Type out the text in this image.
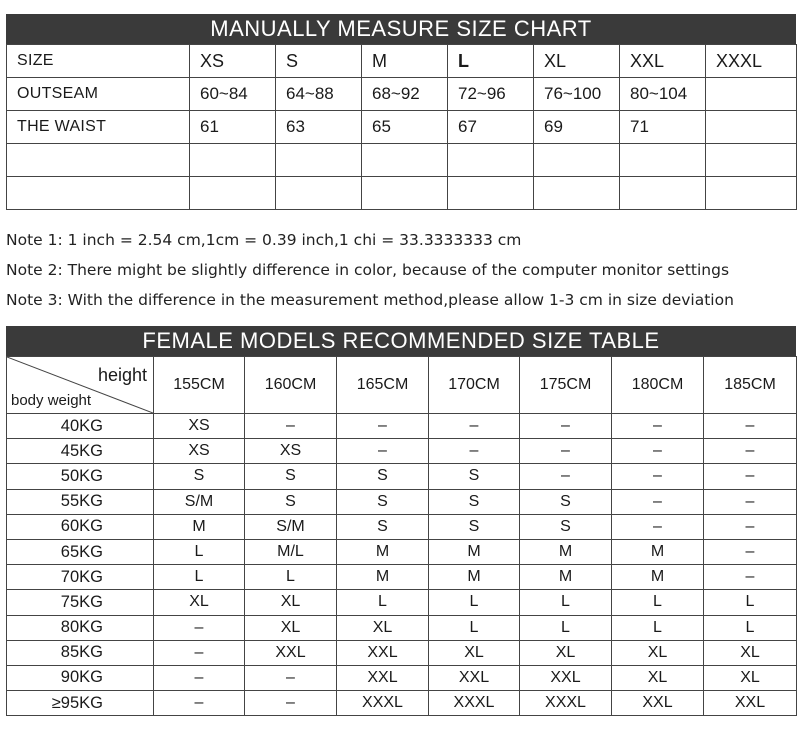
MANUALLY MEASURE SIZE CHART
SIZE	XS	S	M	L	XL	XXL	XXXL
OUTSEAM	60~84	64~88	68~92	72~96	76~100	80~104	
THE WAIST	61	63	65	67	69	71	

Note 1: 1 inch = 2.54 cm,1cm = 0.39 inch,1 chi = 33.3333333 cm
Note 2: There might be slightly difference in color, because of the computer monitor settings
Note 3: With the difference in the measurement method,please allow 1-3 cm in size deviation
FEMALE MODELS RECOMMENDED SIZE TABLE
height
body weight	155CM	160CM	165CM	170CM	175CM	180CM	185CM
40KG	XS	–	–	–	–	–	–
45KG	XS	XS	–	–	–	–	–
50KG	S	S	S	S	–	–	–
55KG	S/M	S	S	S	S	–	–
60KG	M	S/M	S	S	S	–	–
65KG	L	M/L	M	M	M	M	–
70KG	L	L	M	M	M	M	–
75KG	XL	XL	L	L	L	L	L
80KG	–	XL	XL	L	L	L	L
85KG	–	XXL	XXL	XL	XL	XL	XL
90KG	–	–	XXL	XXL	XXL	XL	XL
≥95KG	–	–	XXXL	XXXL	XXXL	XXL	XXL
